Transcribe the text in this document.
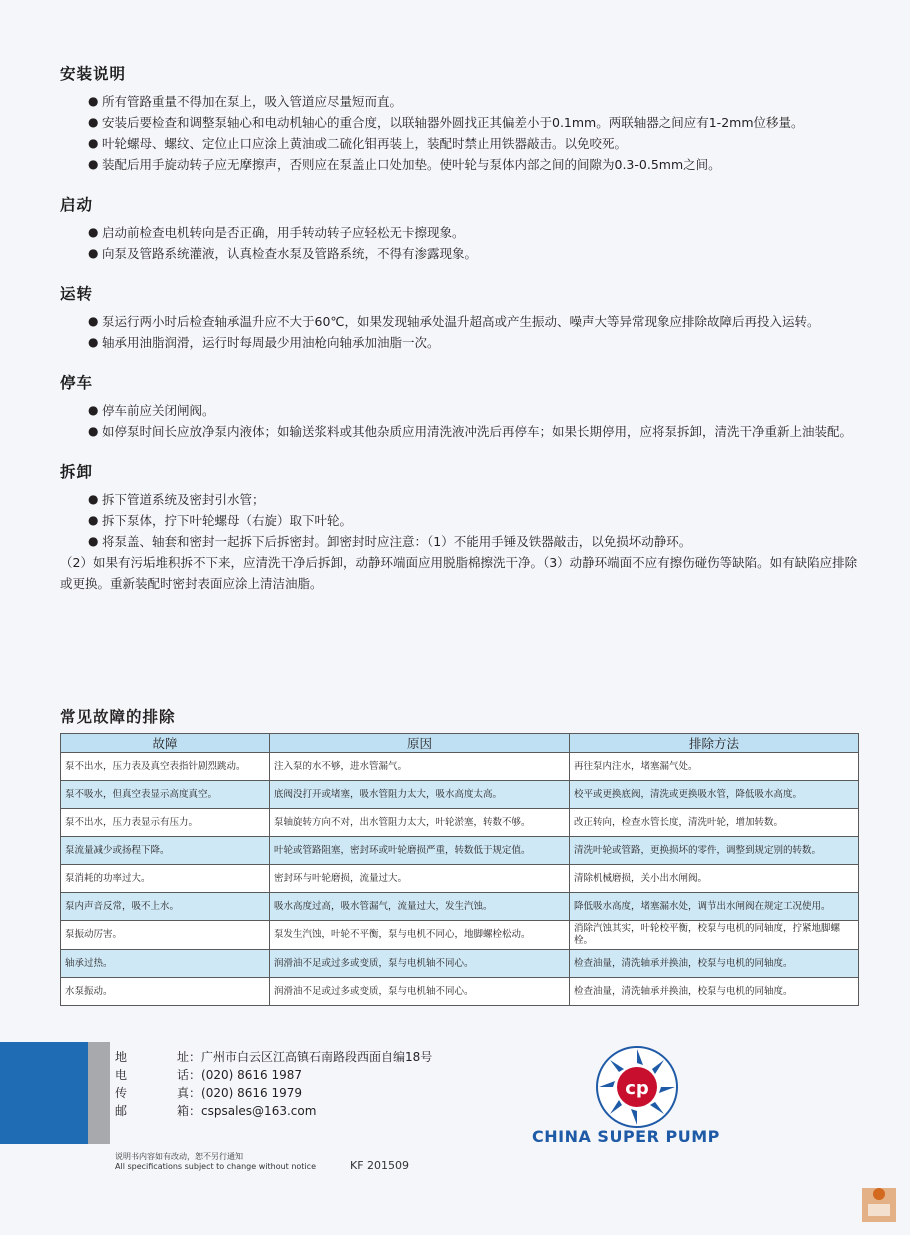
安装说明
● 所有管路重量不得加在泵上，吸入管道应尽量短而直。
● 安装后要检查和调整泵轴心和电动机轴心的重合度，以联轴器外圆找正其偏差小于0.1mm。两联轴器之间应有1-2mm位移量。
● 叶轮螺母、螺纹、定位止口应涂上黄油或二硫化钼再装上，装配时禁止用铁器敲击。以免咬死。
● 装配后用手旋动转子应无摩擦声，否则应在泵盖止口处加垫。使叶轮与泵体内部之间的间隙为0.3-0.5mm之间。
启动
● 启动前检查电机转向是否正确，用手转动转子应轻松无卡擦现象。
● 向泵及管路系统灌液，认真检查水泵及管路系统，不得有渗露现象。
运转
● 泵运行两小时后检查轴承温升应不大于60℃，如果发现轴承处温升超高或产生振动、噪声大等异常现象应排除故障后再投入运转。
● 轴承用油脂润滑，运行时每周最少用油枪向轴承加油脂一次。
停车
● 停车前应关闭闸阀。
● 如停泵时间长应放净泵内液体；如输送浆料或其他杂质应用清洗液冲洗后再停车；如果长期停用，应将泵拆卸，清洗干净重新上油装配。
拆卸
● 拆下管道系统及密封引水管；
● 拆下泵体，拧下叶轮螺母（右旋）取下叶轮。
● 将泵盖、轴套和密封一起拆下后拆密封。卸密封时应注意：（1）不能用手锤及铁器敲击，以免损坏动静环。
（2）如果有污垢堆积拆不下来，应清洗干净后拆卸，动静环端面应用脱脂棉擦洗干净。（3）动静环端面不应有擦伤碰伤等缺陷。如有缺陷应排除或更换。重新装配时密封表面应涂上清洁油脂。
常见故障的排除
故障	原因	排除方法
泵不出水，压力表及真空表指针剧烈跳动。	注入泵的水不够，进水管漏气。	再往泵内注水，堵塞漏气处。
泵不吸水，但真空表显示高度真空。	底阀没打开或堵塞，吸水管阻力太大，吸水高度太高。	校平或更换底阀，清洗或更换吸水管，降低吸水高度。
泵不出水，压力表显示有压力。	泵轴旋转方向不对，出水管阻力太大，叶轮淤塞，转数不够。	改正转向，检查水管长度，清洗叶轮，增加转数。
泵流量减少或扬程下降。	叶轮或管路阻塞，密封环或叶轮磨损严重，转数低于规定值。	清洗叶轮或管路，更换损坏的零件，调整到规定别的转数。
泵消耗的功率过大。	密封环与叶轮磨损，流量过大。	清除机械磨损，关小出水闸阀。
泵内声音反常，吸不上水。	吸水高度过高，吸水管漏气，流量过大，发生汽蚀。	降低吸水高度，堵塞漏水处，调节出水闸阀在规定工况使用。
泵振动厉害。	泵发生汽蚀，叶轮不平衡，泵与电机不同心，地脚螺栓松动。	消除汽蚀其实，叶轮校平衡，校泵与电机的同轴度，拧紧地脚螺栓。
轴承过热。	润滑油不足或过多或变质，泵与电机轴不同心。	检查油量，清洗轴承并换油，校泵与电机的同轴度。
水泵振动。	润滑油不足或过多或变质，泵与电机轴不同心。	检查油量，清洗轴承并换油，校泵与电机的同轴度。
地	址： 广州市白云区江高镇石南路段西面自编18号
电	话： (020) 8616 1987
传	真： (020) 8616 1979
邮	箱： cspsales@163.com
说明书内容如有改动，恕不另行通知
All specifications subject to change without notice	KF 201509
cp
CHINA SUPER PUMP
